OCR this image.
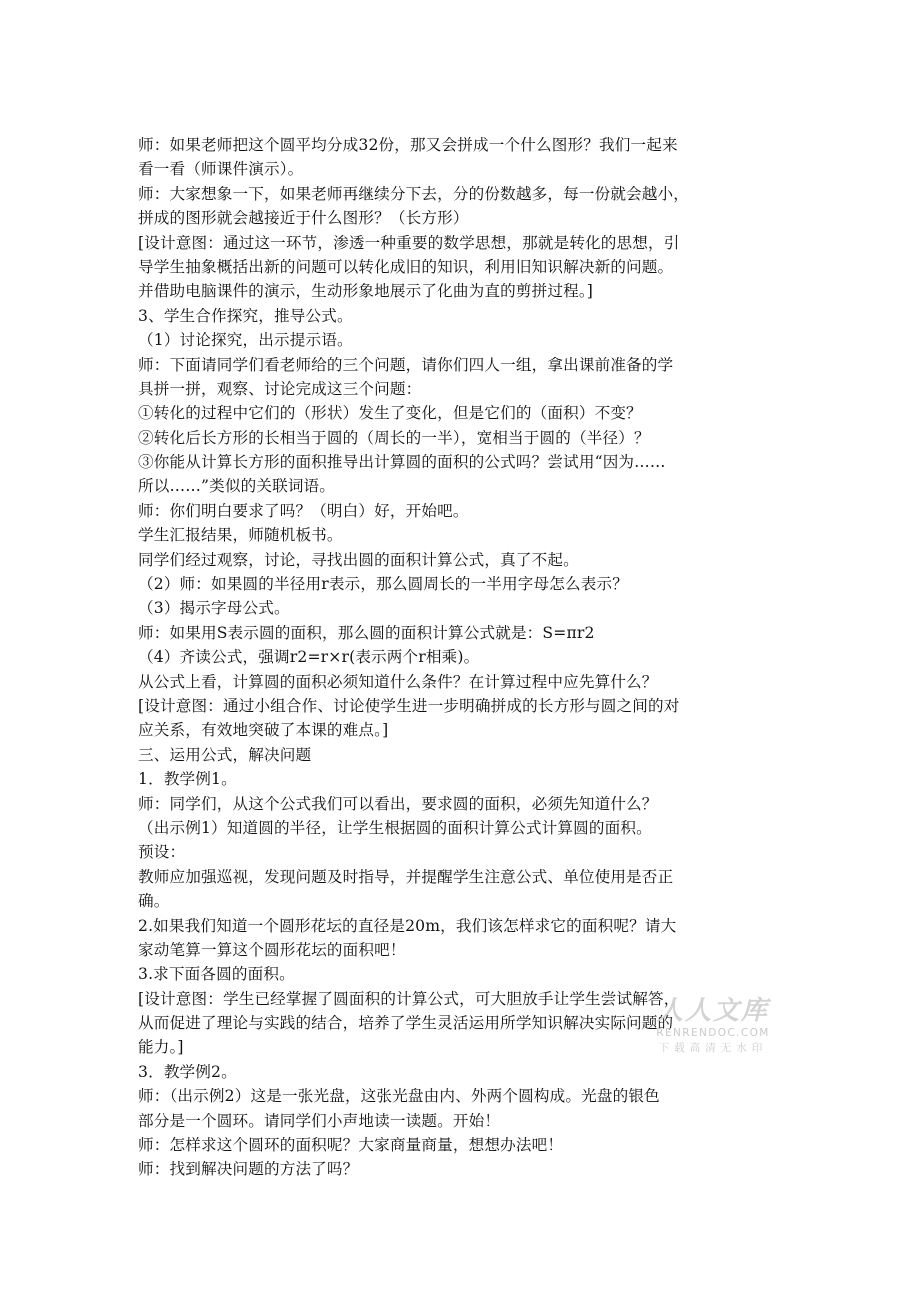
师：如果老师把这个圆平均分成32份，那又会拼成一个什么图形？我们一起来
看一看（师课件演示）。
师：大家想象一下，如果老师再继续分下去，分的份数越多，每一份就会越小，
拼成的图形就会越接近于什么图形？（长方形）
[设计意图：通过这一环节，渗透一种重要的数学思想，那就是转化的思想，引
导学生抽象概括出新的问题可以转化成旧的知识，利用旧知识解决新的问题。
并借助电脑课件的演示，生动形象地展示了化曲为直的剪拼过程。]
3、学生合作探究，推导公式。
（1）讨论探究，出示提示语。
师：下面请同学们看老师给的三个问题，请你们四人一组，拿出课前准备的学
具拼一拼，观察、讨论完成这三个问题：
①转化的过程中它们的（形状）发生了变化，但是它们的（面积）不变？
②转化后长方形的长相当于圆的（周长的一半），宽相当于圆的（半径）？
③你能从计算长方形的面积推导出计算圆的面积的公式吗？尝试用“因为……
所以……”类似的关联词语。
师：你们明白要求了吗？（明白）好，开始吧。
学生汇报结果，师随机板书。
同学们经过观察，讨论，寻找出圆的面积计算公式，真了不起。
（2）师：如果圆的半径用r表示，那么圆周长的一半用字母怎么表示？
（3）揭示字母公式。
师：如果用S表示圆的面积，那么圆的面积计算公式就是：S=πr2
（4）齐读公式，强调r2=r×r(表示两个r相乘)。
从公式上看，计算圆的面积必须知道什么条件？在计算过程中应先算什么？
[设计意图：通过小组合作、讨论使学生进一步明确拼成的长方形与圆之间的对
应关系，有效地突破了本课的难点。]
三、运用公式，解决问题
1．教学例1。
师：同学们，从这个公式我们可以看出，要求圆的面积，必须先知道什么？
（出示例1）知道圆的半径，让学生根据圆的面积计算公式计算圆的面积。
预设：
教师应加强巡视，发现问题及时指导，并提醒学生注意公式、单位使用是否正
确。
2.如果我们知道一个圆形花坛的直径是20m，我们该怎样求它的面积呢？请大
家动笔算一算这个圆形花坛的面积吧！
3.求下面各圆的面积。
[设计意图：学生已经掌握了圆面积的计算公式，可大胆放手让学生尝试解答，
从而促进了理论与实践的结合，培养了学生灵活运用所学知识解决实际问题的
能力。]
3．教学例2。
师：（出示例2）这是一张光盘，这张光盘由内、外两个圆构成。光盘的银色
部分是一个圆环。请同学们小声地读一读题。开始！
师：怎样求这个圆环的面积呢？大家商量商量，想想办法吧！
师：找到解决问题的方法了吗？
人人文库
RENRENDOC.COM
下载高清无水印
